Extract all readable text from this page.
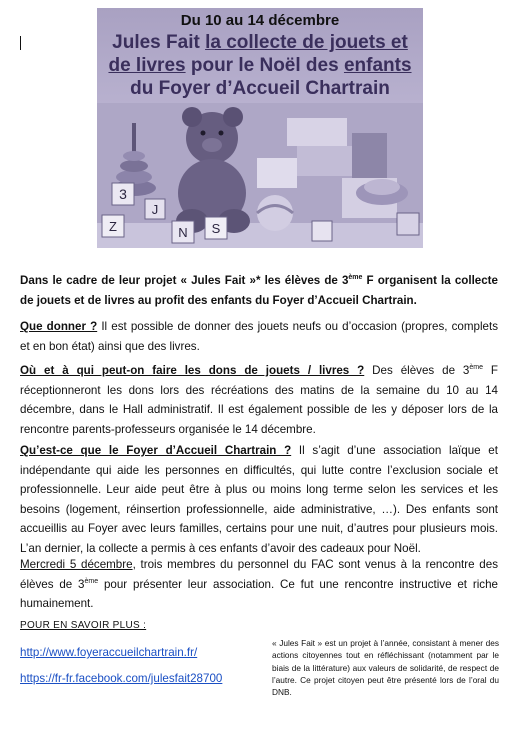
Du 10 au 14 décembre
Jules Fait la collecte de jouets et
de livres pour le Noël des enfants
du Foyer d’Accueil Chartrain
3
J
Z	N S
Dans le cadre de leur projet « Jules Fait »* les élèves de 3ème F organisent la collecte de jouets et de livres au profit des enfants du Foyer d’Accueil Chartrain.
Que donner ? Il est possible de donner des jouets neufs ou d’occasion (propres, complets et en bon état) ainsi que des livres.
Où et à qui peut-on faire les dons de jouets / livres ? Des élèves de 3ème F réceptionneront les dons lors des récréations des matins de la semaine du 10 au 14 décembre, dans le Hall administratif. Il est également possible de les y déposer lors de la rencontre parents-professeurs organisée le 14 décembre.
Qu’est-ce que le Foyer d’Accueil Chartrain ? Il s’agit d’une association laïque et indépendante qui aide les personnes en difficultés, qui lutte contre l’exclusion sociale et professionnelle. Leur aide peut être à plus ou moins long terme selon les services et les besoins (logement, réinsertion professionnelle, aide administrative, …). Des enfants sont accueillis au Foyer avec leurs familles, certains pour une nuit, d’autres pour plusieurs mois. L’an dernier, la collecte a permis à ces enfants d’avoir des cadeaux pour Noël.
Mercredi 5 décembre, trois membres du personnel du FAC sont venus à la rencontre des élèves de 3ème pour présenter leur association. Ce fut une rencontre instructive et riche humainement.
POUR EN SAVOIR PLUS :
http://www.foyeraccueilchartrain.fr/
https://fr-fr.facebook.com/julesfait28700
« Jules Fait » est un projet à l’année, consistant à mener des actions citoyennes tout en réfléchissant (notamment par le biais de la littérature) aux valeurs de solidarité, de respect de l’autre. Ce projet citoyen peut être présenté lors de l’oral du DNB.
